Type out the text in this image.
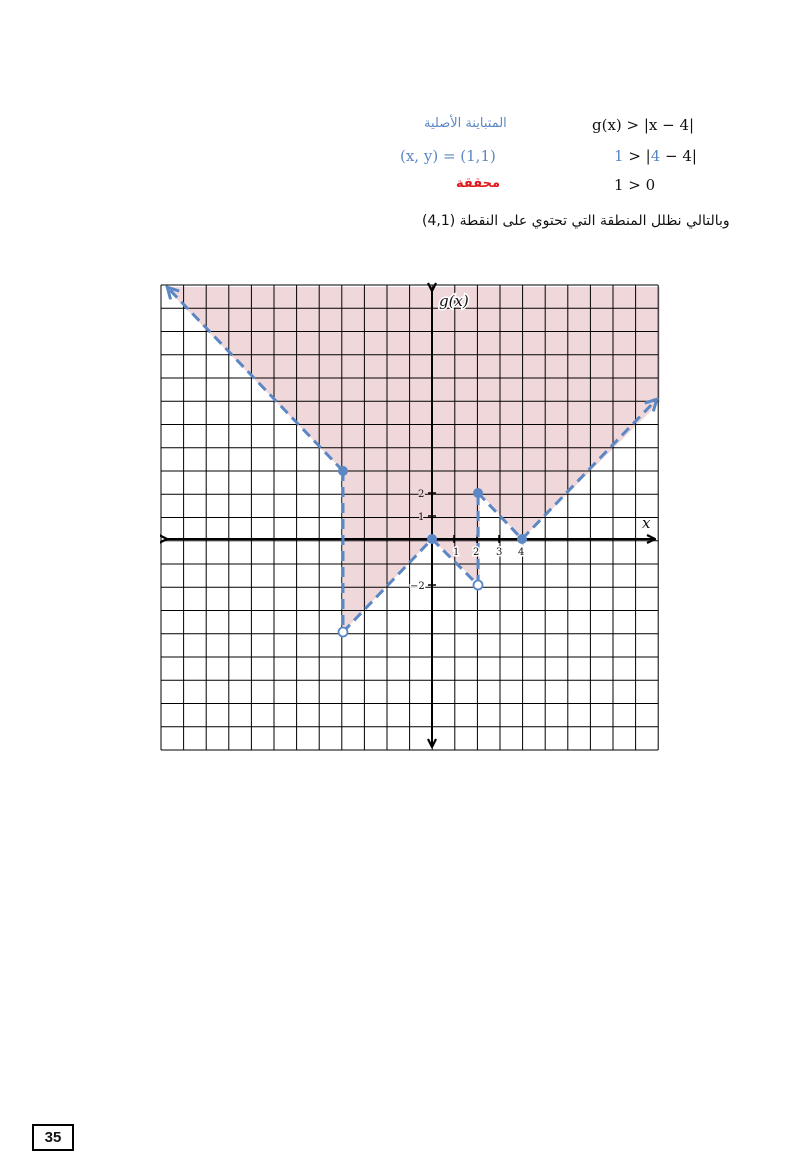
المتباينة الأصلية	g(x) > |x − 4|
(x, y) = (1,1)	1 > |4 − 4|
محققة	1 > 0
وبالتالي نظلل المنطقة التي تحتوي على النقطة (4,1)
g(x)
x
1 2 3 4
2
1
−2
35
